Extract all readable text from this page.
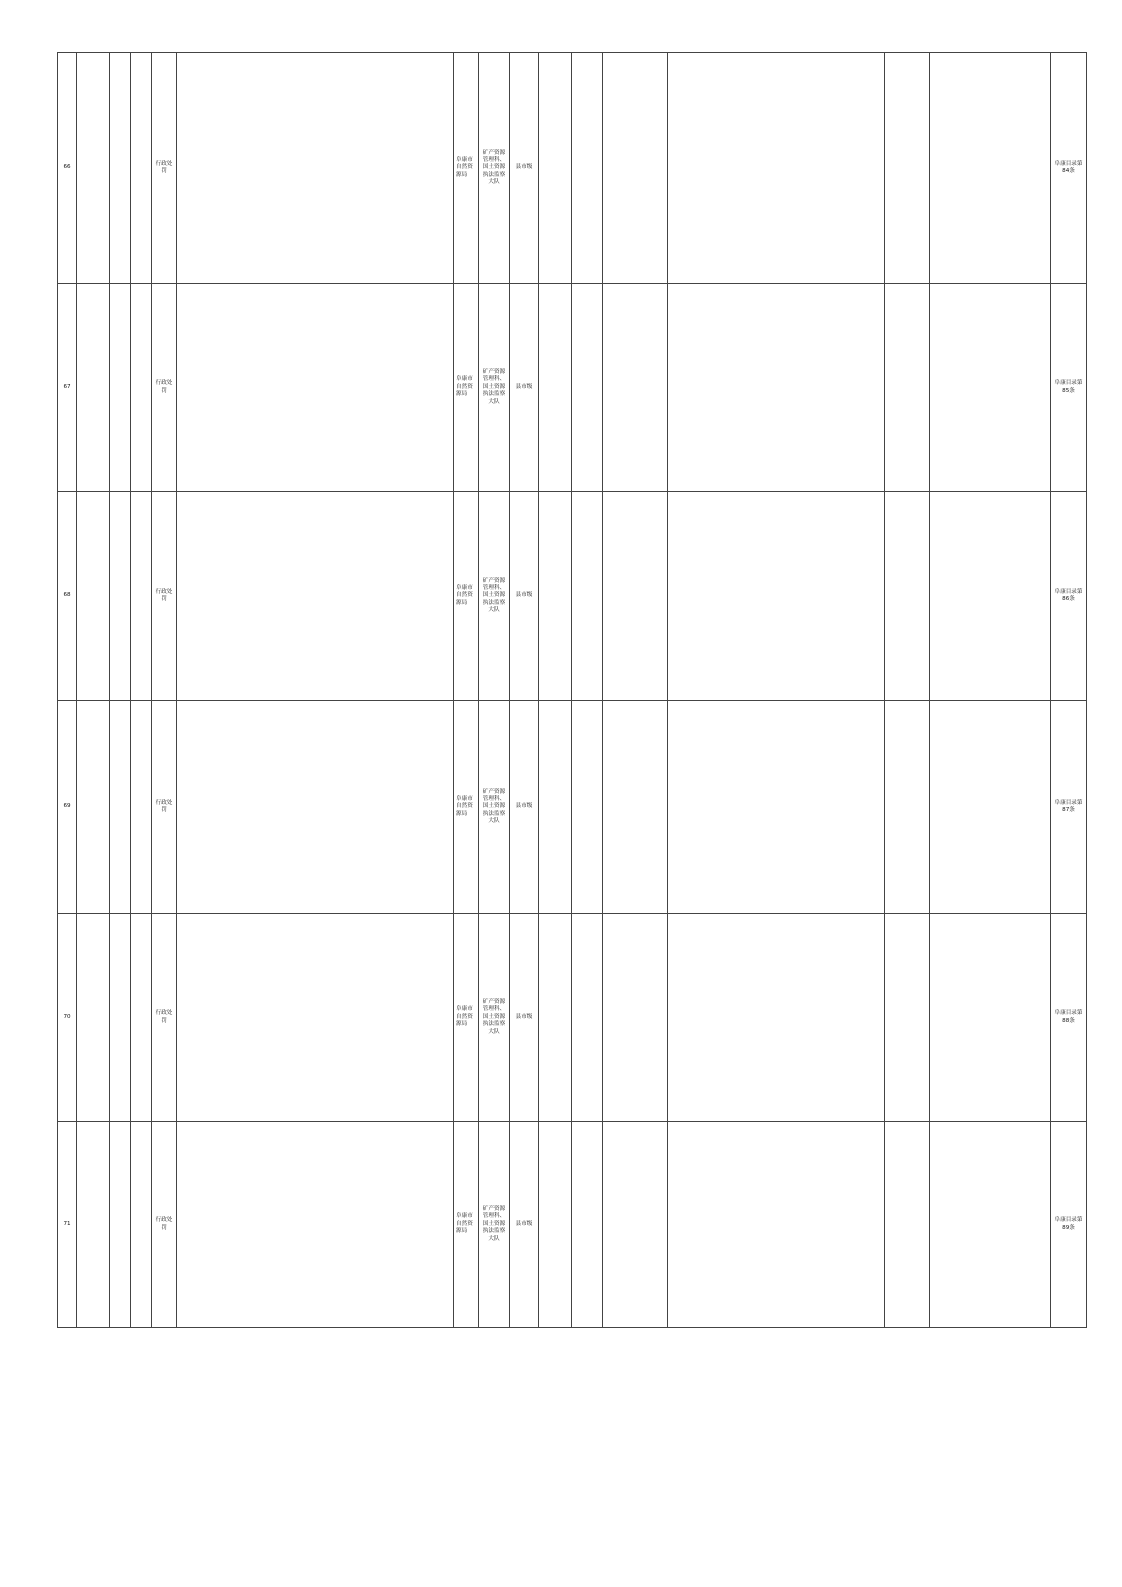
66				行政处罚		阜康市自然资源局	矿产资源管理科、国土资源执法监察大队	县市级							阜康目录第84条
67				行政处罚		阜康市自然资源局	矿产资源管理科、国土资源执法监察大队	县市级							阜康目录第85条
68				行政处罚		阜康市自然资源局	矿产资源管理科、国土资源执法监察大队	县市级							阜康目录第86条
69				行政处罚		阜康市自然资源局	矿产资源管理科、国土资源执法监察大队	县市级							阜康目录第87条
70				行政处罚		阜康市自然资源局	矿产资源管理科、国土资源执法监察大队	县市级							阜康目录第88条
71				行政处罚		阜康市自然资源局	矿产资源管理科、国土资源执法监察大队	县市级							阜康目录第89条
